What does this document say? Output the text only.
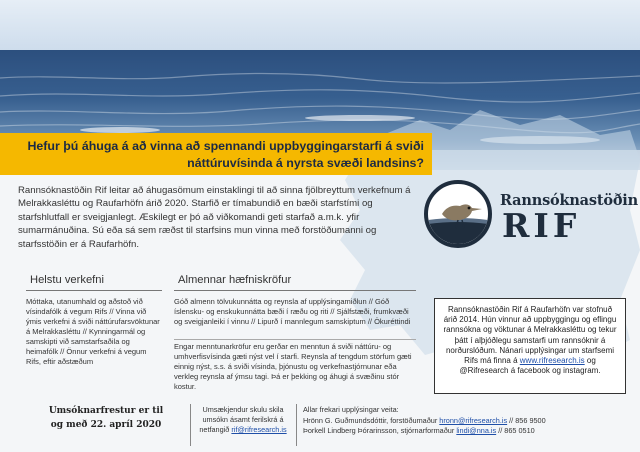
Hefur þú áhuga á að vinna að spennandi uppbyggingarstarfi á sviði
náttúruvísinda á nyrsta svæði landsins?

Rannsóknastöðin Rif leitar að áhugasömum einstaklingi til að sinna fjölbreyttum verkefnum á Melrakkasléttu og Raufarhöfn árið 2020. Starfið er tímabundið en bæði starfstími og starfshlutfall er sveigjanlegt. Æskilegt er þó að viðkomandi geti starfað a.m.k. yfir sumarmánuðina. Sú eða sá sem ræðst til starfsins mun vinna með forstöðumanni og starfsstöðin er á Raufarhöfn.

Rannsóknastöðin
RIF
Helstu verkefni

Móttaka, utanumhald og aðstoð við vísindafólk á vegum Rifs // Vinna við ýmis verkefni á sviði náttúrufarsvöktunar á Melrakkasléttu // Kynningarmál og samskipti við samstarfsaðila og heimafólk // Önnur verkefni á vegum Rifs, eftir aðstæðum

Almennar hæfniskröfur

Góð almenn tölvukunnátta og reynsla af upplýsingamiðlun // Góð íslensku- og enskukunnátta bæði í ræðu og riti // Sjálfstæði, frumkvæði og sveigjanleiki í vinnu // Lipurð í mannlegum samskiptum // Ökuréttindi

Engar menntunarkröfur eru gerðar en menntun á sviði náttúru- og umhverfisvísinda gæti nýst vel í starfi. Reynsla af tengdum störfum gæti einnig nýst, s.s. á sviði vísinda, þjónustu og verkefnastjórnunar eða verkleg reynsla af ýmsu tagi. Þá er þekking og áhugi á svæðinu stór kostur.

Rannsóknastöðin Rif á Raufarhöfn var stofnuð árið 2014. Hún vinnur að uppbyggingu og eflingu rannsókna og vöktunar á Melrakkasléttu og tekur þátt í alþjóðlegu samstarfi um rannsóknir á norðurslóðum. Nánari upplýsingar um starfsemi Rifs má finna á www.rifresearch.is og @Rifresearch á facebook og instagram.
Umsóknarfrestur er til
og með 22. apríl 2020
Umsækjendur skulu skila umsókn ásamt ferilskrá á netfangið rif@rifresearch.is
Allar frekari upplýsingar veita:
Hrönn G. Guðmundsdóttir, forstöðumaður hronn@rifresearch.is // 856 9500
Þorkell Lindberg Þórarinsson, stjórnarformaður lindi@nna.is // 865 0510
